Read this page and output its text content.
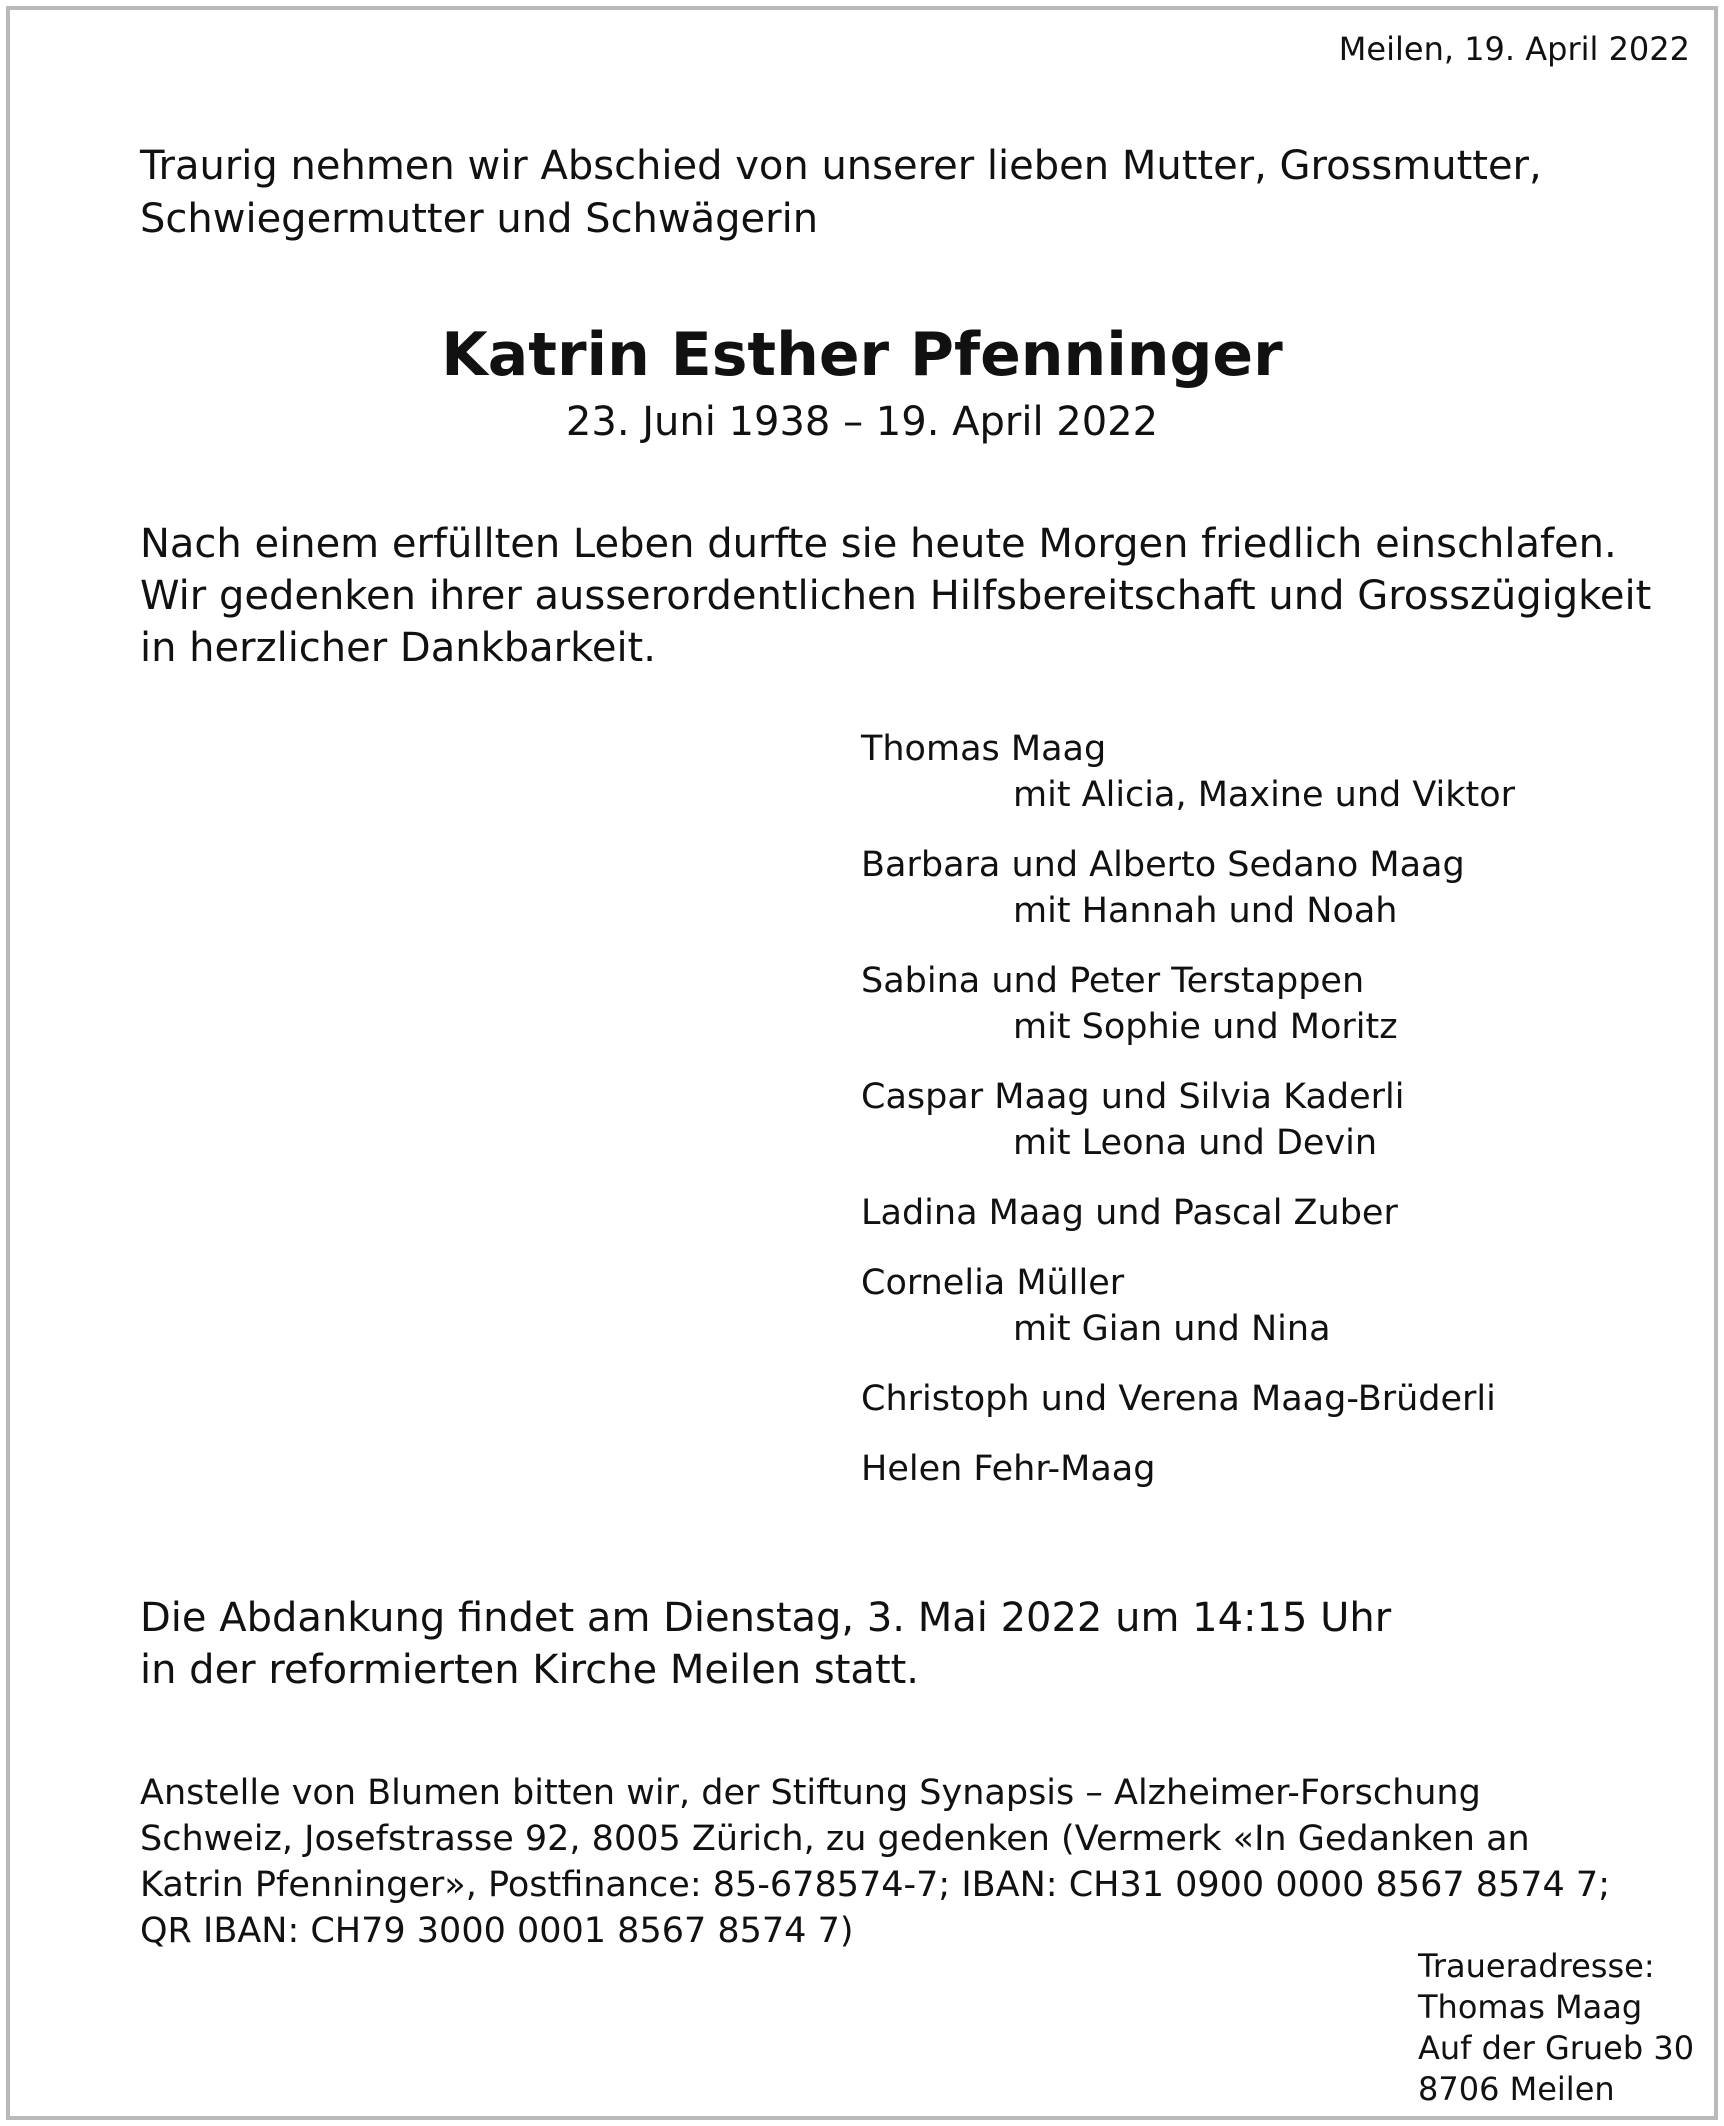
Meilen, 19. April 2022

Traurig nehmen wir Abschied von unserer lieben Mutter, Grossmutter,
Schwiegermutter und Schwägerin

Katrin Esther Pfenninger

23. Juni 1938 – 19. April 2022

Nach einem erfüllten Leben durfte sie heute Morgen friedlich einschlafen.
Wir gedenken ihrer ausserordentlichen Hilfsbereitschaft und Grosszügigkeit
in herzlicher Dankbarkeit.

Thomas Maag
mit Alicia, Maxine und Viktor
Barbara und Alberto Sedano Maag
mit Hannah und Noah
Sabina und Peter Terstappen
mit Sophie und Moritz
Caspar Maag und Silvia Kaderli
mit Leona und Devin
Ladina Maag und Pascal Zuber
Cornelia Müller
mit Gian und Nina
Christoph und Verena Maag-Brüderli
Helen Fehr-Maag

Die Abdankung findet am Dienstag, 3. Mai 2022 um 14:15 Uhr
in der reformierten Kirche Meilen statt.

Anstelle von Blumen bitten wir, der Stiftung Synapsis – Alzheimer-Forschung
Schweiz, Josefstrasse 92, 8005 Zürich, zu gedenken (Vermerk «In Gedanken an
Katrin Pfenninger», Postfinance: 85-678574-7; IBAN: CH31 0900 0000 8567 8574 7;
QR IBAN: CH79 3000 0001 8567 8574 7)

Traueradresse:
Thomas Maag
Auf der Grueb 30
8706 Meilen
